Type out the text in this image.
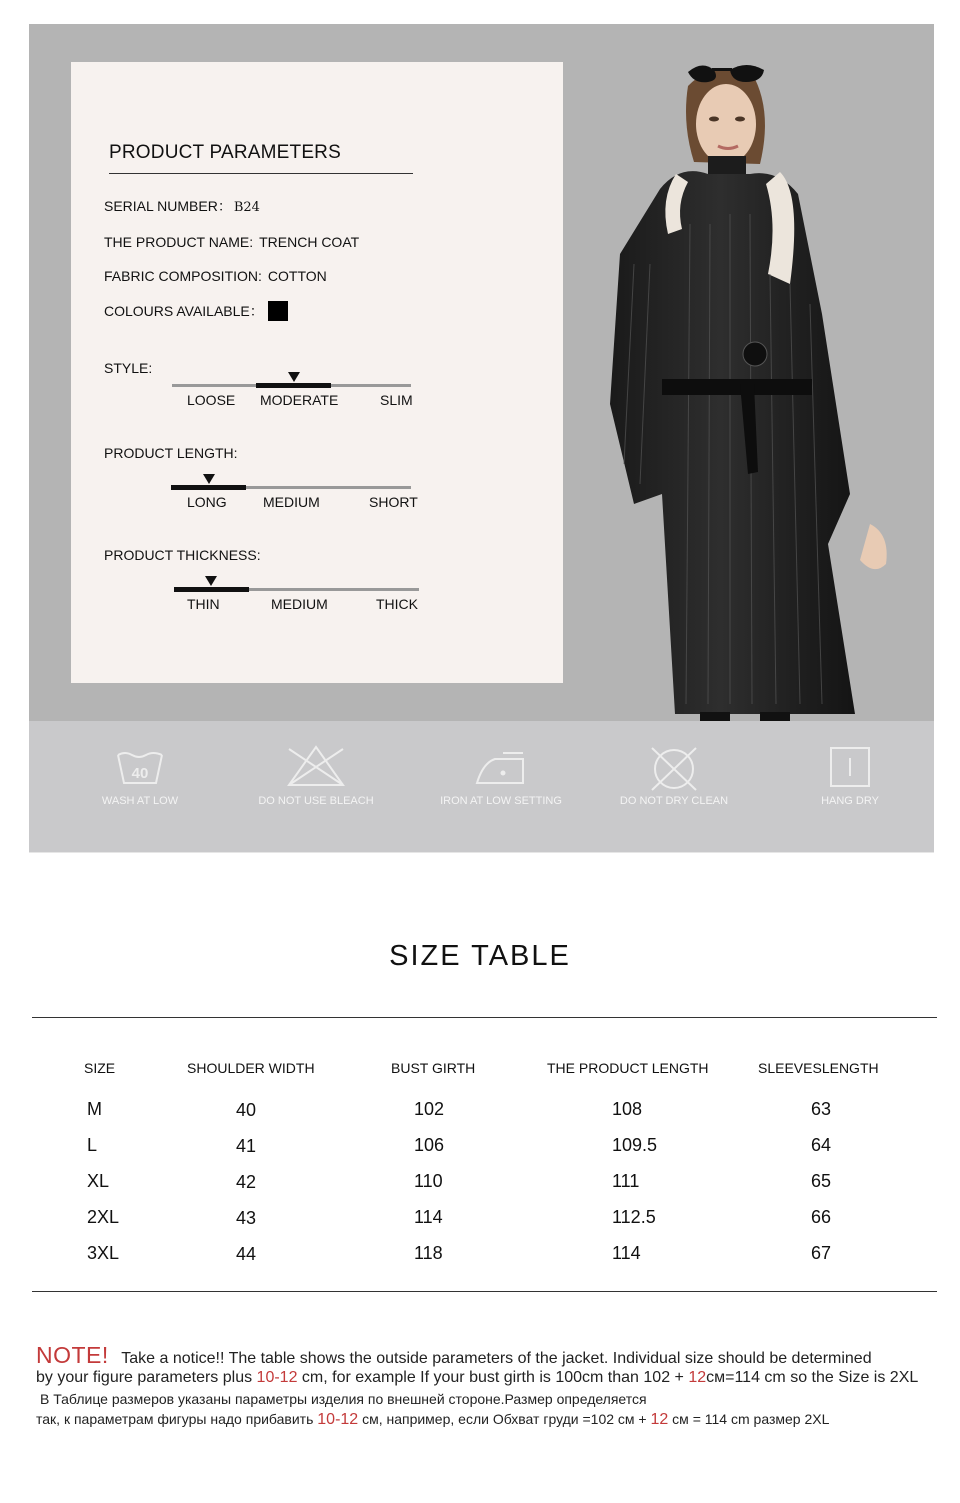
PRODUCT PARAMETERS
SERIAL NUMBER： B24
THE PRODUCT NAME: TRENCH COAT
FABRIC COMPOSITION: COTTON
COLOURS AVAILABLE：
STYLE:
LOOSE MODERATE	SLIM
PRODUCT LENGTH:
LONG	MEDIUM	SHORT
PRODUCT THICKNESS:
THIN	MEDIUM	THICK
40
WASH AT LOW	DO NOT USE BLEACH	IRON AT LOW SETTING	DO NOT DRY CLEAN	HANG DRY
SIZE TABLE
SIZE	SHOULDER WIDTH	BUST GIRTH	THE PRODUCT LENGTH	SLEEVESLENGTH
M	40	102	108	63
L	41	106	109.5	64
XL	42	110	111	65
2XL	43	114	112.5	66
3XL	44	118	114	67
NOTE! Take a notice!! The table shows the outside parameters of the jacket. Individual size should be determined
by your figure parameters plus 10-12 cm, for example If your bust girth is 100cm than 102 + 12см=114 cm so the Size is 2XL
В Таблице размеров указаны параметры изделия по внешней стороне.Размер определяется
так, к параметрам фигуры надо прибавить 10-12 см, например, если Обхват груди =102 см + 12 см = 114 cm размер 2XL
